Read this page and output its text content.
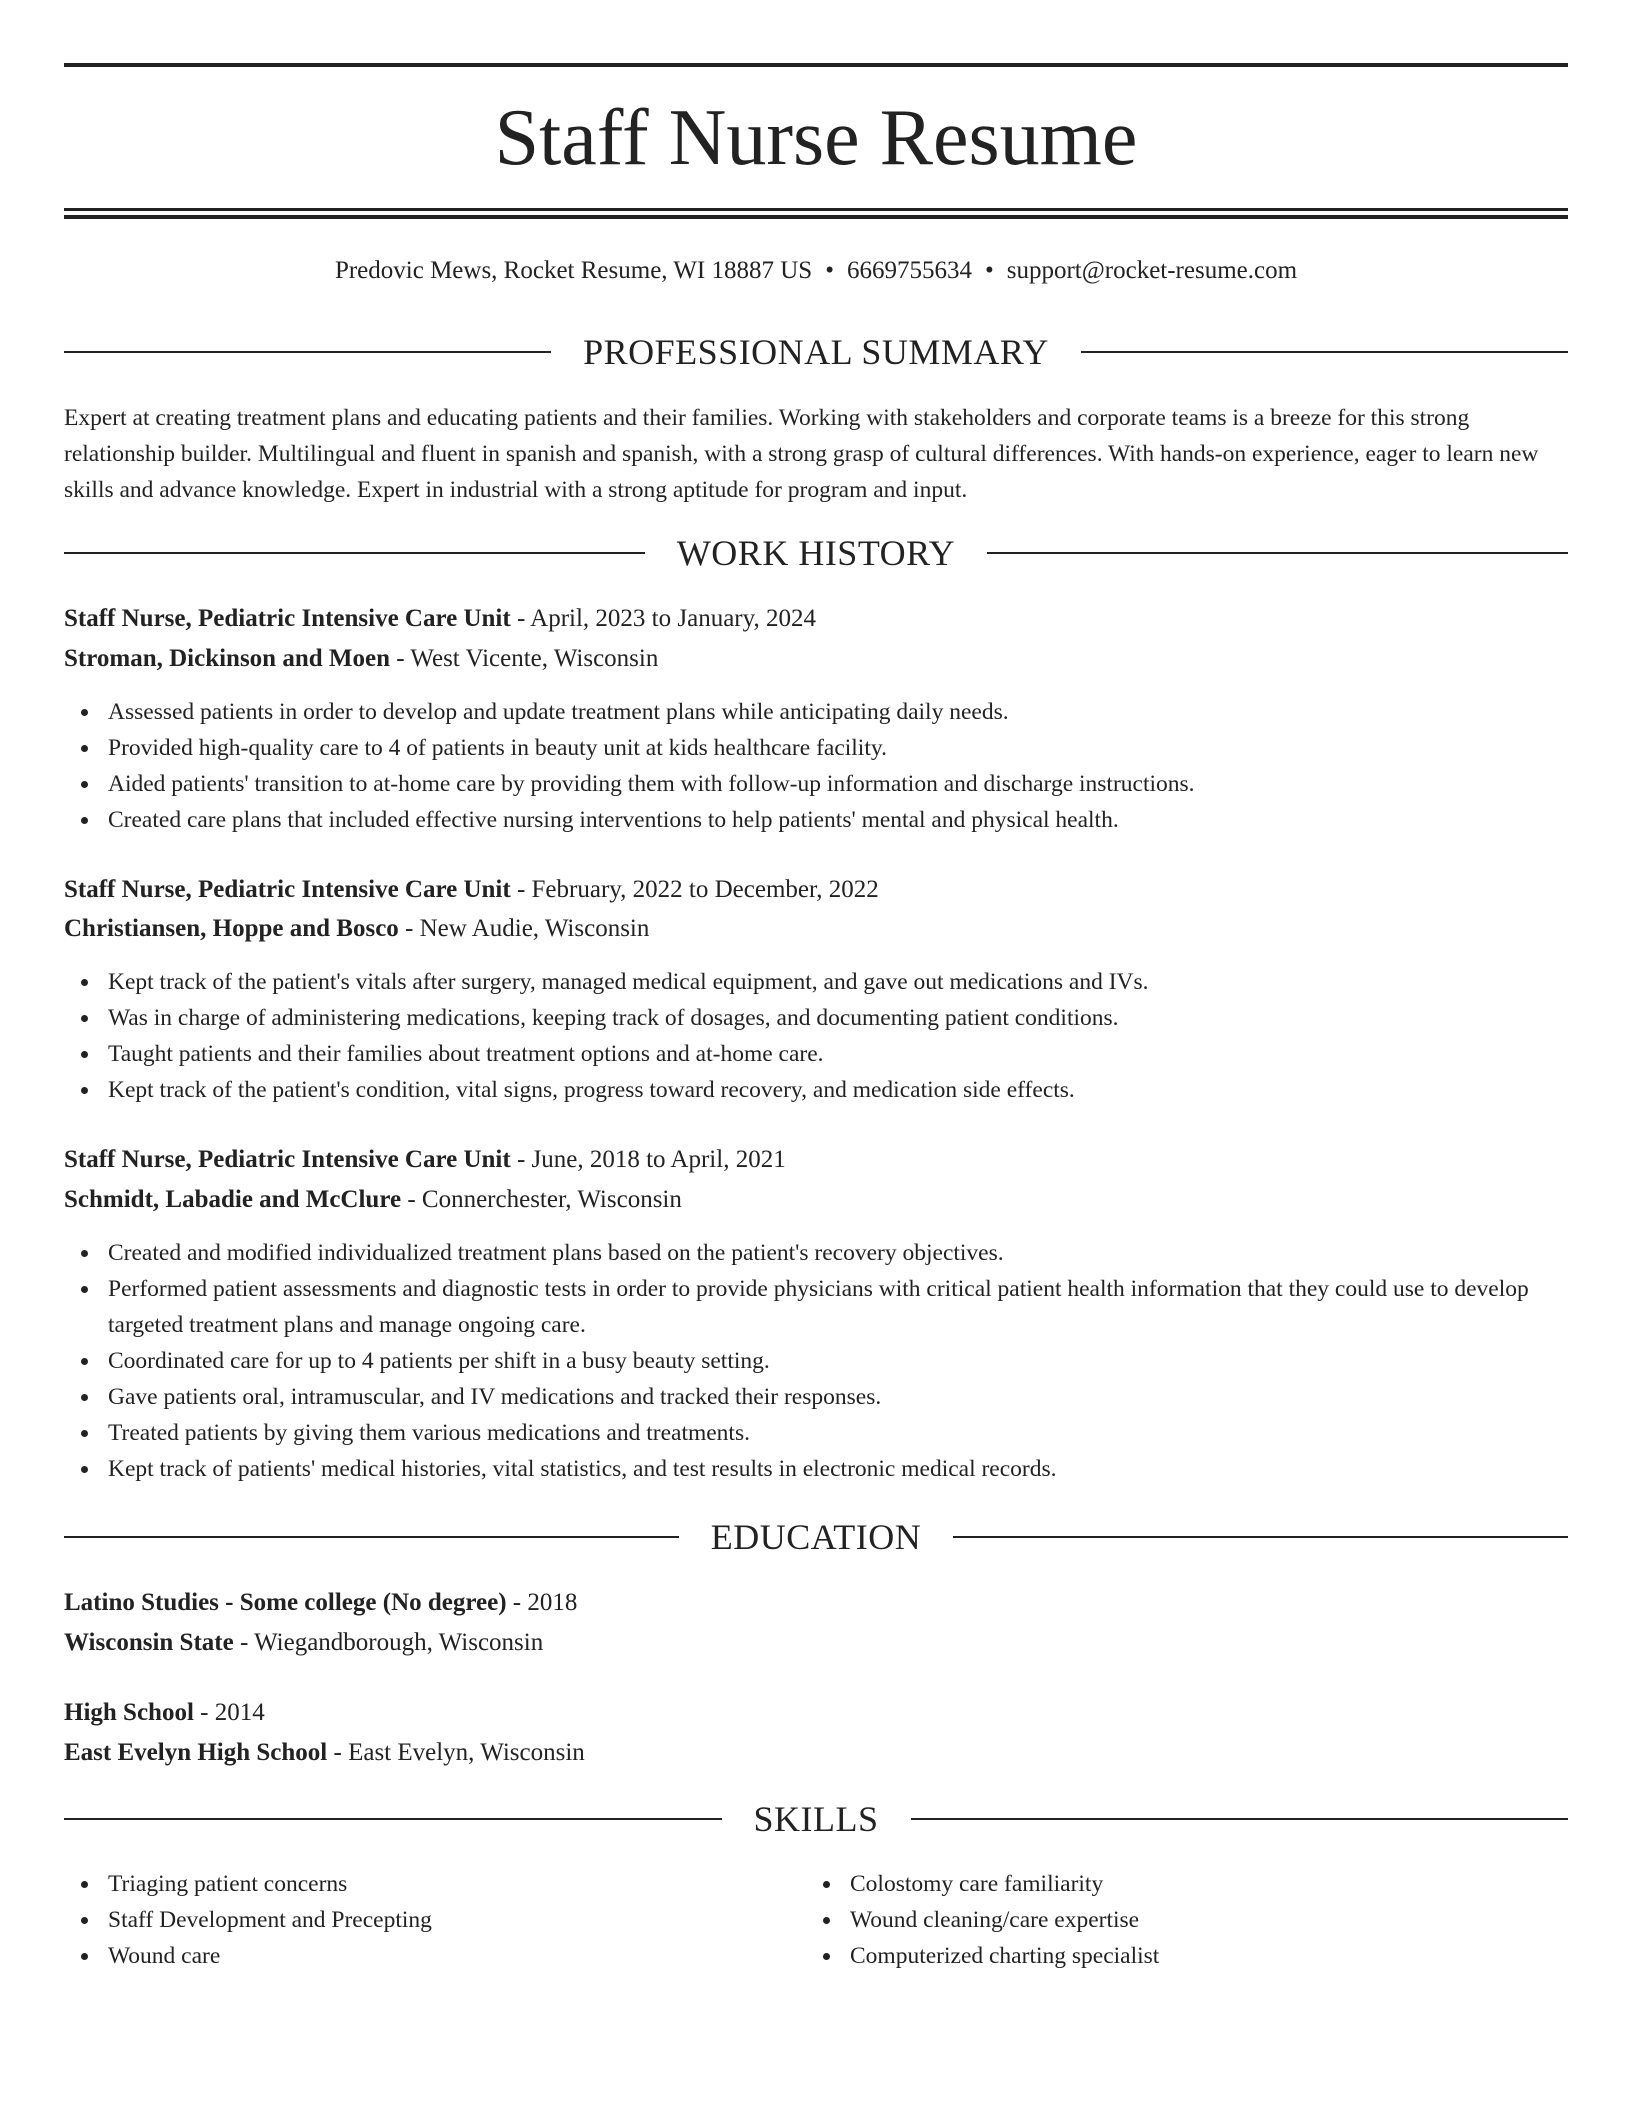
Staff Nurse Resume
Predovic Mews, Rocket Resume, WI 18887 US • 6669755634 • support@rocket-resume.com
PROFESSIONAL SUMMARY
Expert at creating treatment plans and educating patients and their families. Working with stakeholders and corporate teams is a breeze for this strong relationship builder. Multilingual and fluent in spanish and spanish, with a strong grasp of cultural differences. With hands-on experience, eager to learn new skills and advance knowledge. Expert in industrial with a strong aptitude for program and input.
WORK HISTORY
Staff Nurse, Pediatric Intensive Care Unit - April, 2023 to January, 2024
Stroman, Dickinson and Moen - West Vicente, Wisconsin
Assessed patients in order to develop and update treatment plans while anticipating daily needs.
Provided high-quality care to 4 of patients in beauty unit at kids healthcare facility.
Aided patients' transition to at-home care by providing them with follow-up information and discharge instructions.
Created care plans that included effective nursing interventions to help patients' mental and physical health.
Staff Nurse, Pediatric Intensive Care Unit - February, 2022 to December, 2022
Christiansen, Hoppe and Bosco - New Audie, Wisconsin
Kept track of the patient's vitals after surgery, managed medical equipment, and gave out medications and IVs.
Was in charge of administering medications, keeping track of dosages, and documenting patient conditions.
Taught patients and their families about treatment options and at-home care.
Kept track of the patient's condition, vital signs, progress toward recovery, and medication side effects.
Staff Nurse, Pediatric Intensive Care Unit - June, 2018 to April, 2021
Schmidt, Labadie and McClure - Connerchester, Wisconsin
Created and modified individualized treatment plans based on the patient's recovery objectives.
Performed patient assessments and diagnostic tests in order to provide physicians with critical patient health information that they could use to develop targeted treatment plans and manage ongoing care.
Coordinated care for up to 4 patients per shift in a busy beauty setting.
Gave patients oral, intramuscular, and IV medications and tracked their responses.
Treated patients by giving them various medications and treatments.
Kept track of patients' medical histories, vital statistics, and test results in electronic medical records.
EDUCATION
Latino Studies - Some college (No degree) - 2018
Wisconsin State - Wiegandborough, Wisconsin
High School - 2014
East Evelyn High School - East Evelyn, Wisconsin
SKILLS
Triaging patient concerns
Staff Development and Precepting
Wound care
Colostomy care familiarity
Wound cleaning/care expertise
Computerized charting specialist
